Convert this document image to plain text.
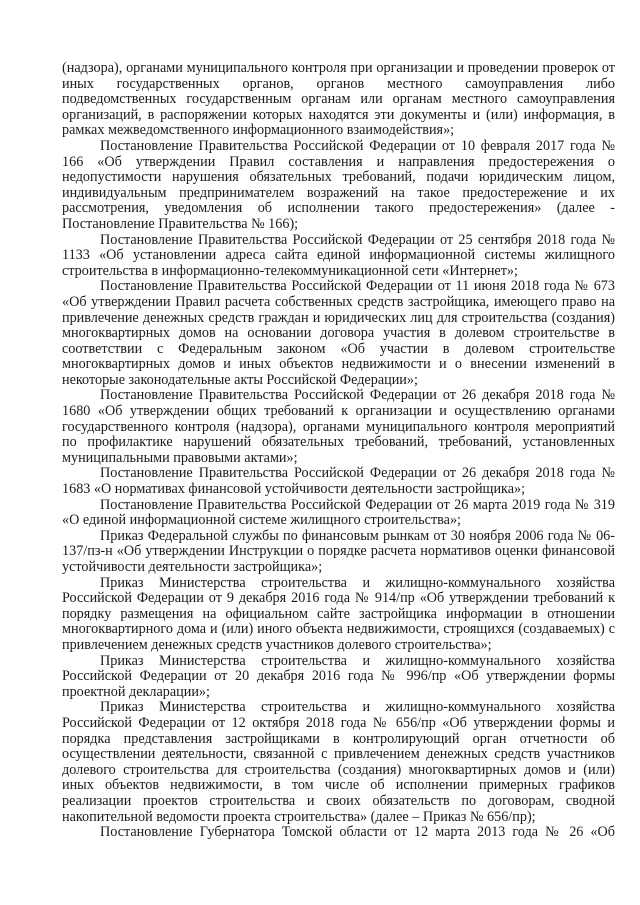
(надзора), органами муниципального контроля при организации и проведении проверок от иных государственных органов, органов местного самоуправления либо подведомственных государственным органам или органам местного самоуправления организаций, в распоряжении которых находятся эти документы и (или) информация, в рамках межведомственного информационного взаимодействия»;

Постановление Правительства Российской Федерации от 10 февраля 2017 года № 166 «Об утверждении Правил составления и направления предостережения о недопустимости нарушения обязательных требований, подачи юридическим лицом, индивидуальным предпринимателем возражений на такое предостережение и их рассмотрения, уведомления об исполнении такого предостережения» (далее - Постановление Правительства № 166);

Постановление Правительства Российской Федерации от 25 сентября 2018 года № 1133 «Об установлении адреса сайта единой информационной системы жилищного строительства в информационно-телекоммуникационной сети «Интернет»;

Постановление Правительства Российской Федерации от 11 июня 2018 года № 673 «Об утверждении Правил расчета собственных средств застройщика, имеющего право на привлечение денежных средств граждан и юридических лиц для строительства (создания) многоквартирных домов на основании договора участия в долевом строительстве в соответствии с Федеральным законом «Об участии в долевом строительстве многоквартирных домов и иных объектов недвижимости и о внесении изменений в некоторые законодательные акты Российской Федерации»;

Постановление Правительства Российской Федерации от 26 декабря 2018 года № 1680 «Об утверждении общих требований к организации и осуществлению органами государственного контроля (надзора), органами муниципального контроля мероприятий по профилактике нарушений обязательных требований, требований, установленных муниципальными правовыми актами»;

Постановление Правительства Российской Федерации от 26 декабря 2018 года № 1683 «О нормативах финансовой устойчивости деятельности застройщика»;

Постановление Правительства Российской Федерации от 26 марта 2019 года № 319 «О единой информационной системе жилищного строительства»;

Приказ Федеральной службы по финансовым рынкам от 30 ноября 2006 года № 06-137/пз-н «Об утверждении Инструкции о порядке расчета нормативов оценки финансовой устойчивости деятельности застройщика»;

Приказ Министерства строительства и жилищно-коммунального хозяйства Российской Федерации от 9 декабря 2016 года № 914/пр «Об утверждении требований к порядку размещения на официальном сайте застройщика информации в отношении многоквартирного дома и (или) иного объекта недвижимости, строящихся (создаваемых) с привлечением денежных средств участников долевого строительства»;

Приказ Министерства строительства и жилищно-коммунального хозяйства Российской Федерации от 20 декабря 2016 года № 996/пр «Об утверждении формы проектной декларации»;

Приказ Министерства строительства и жилищно-коммунального хозяйства Российской Федерации от 12 октября 2018 года № 656/пр «Об утверждении формы и порядка представления застройщиками в контролирующий орган отчетности об осуществлении деятельности, связанной с привлечением денежных средств участников долевого строительства для строительства (создания) многоквартирных домов и (или) иных объектов недвижимости, в том числе об исполнении примерных графиков реализации проектов строительства и своих обязательств по договорам, сводной накопительной ведомости проекта строительства» (далее – Приказ № 656/пр);

Постановление Губернатора Томской области от 12 марта 2013 года № 26 «Об
